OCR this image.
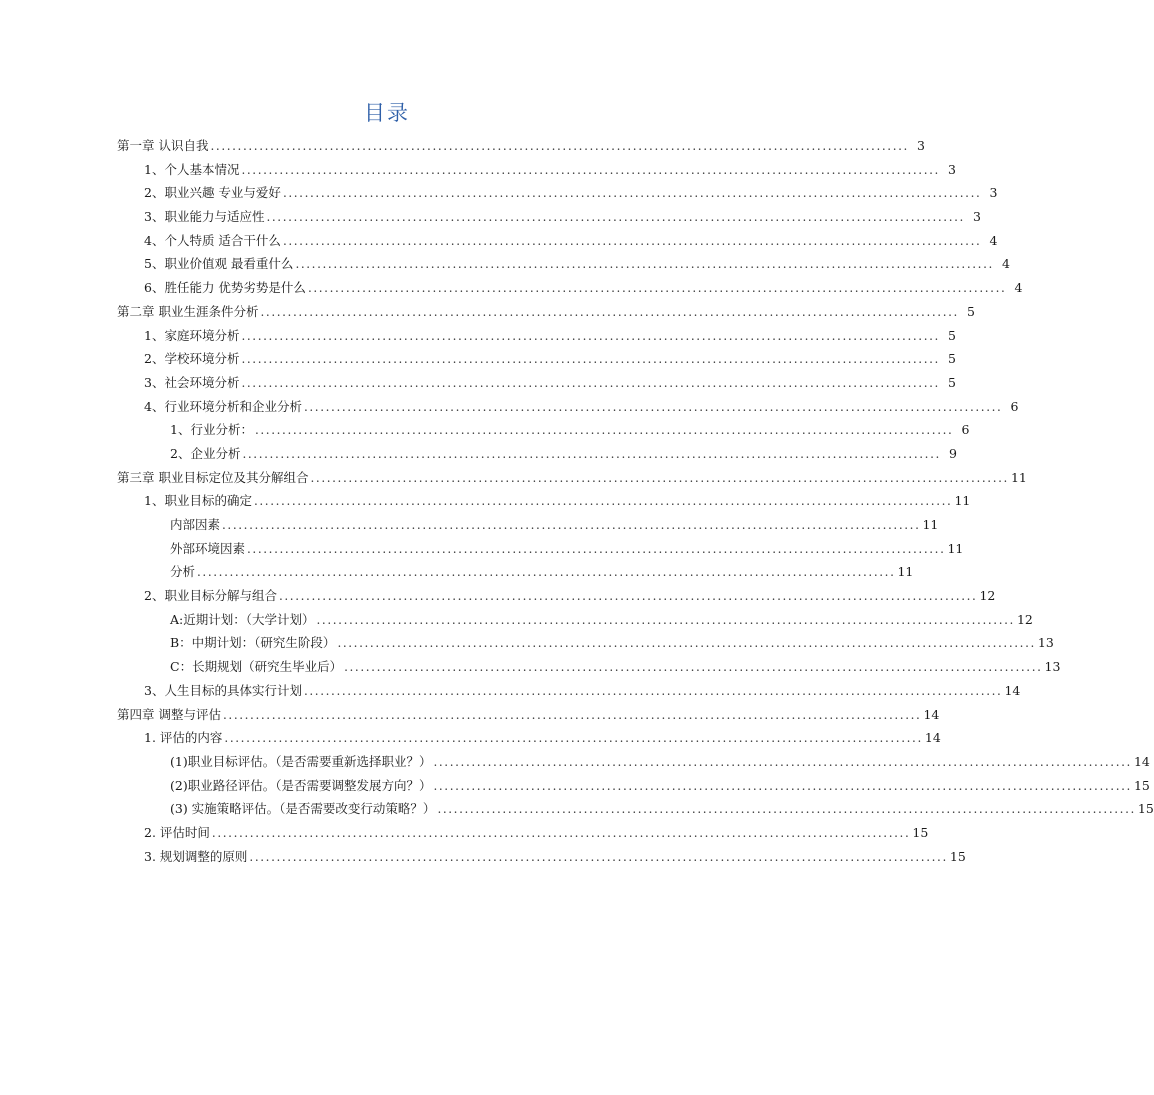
目录
第一章 认识自我 ................................................................................................................................. 3
1、个人基本情况 ................................................................................................................................. 3
2、职业兴趣 专业与爱好 ................................................................................................................................. 3
3、职业能力与适应性 ................................................................................................................................. 3
4、个人特质 适合干什么 ................................................................................................................................. 4
5、职业价值观 最看重什么 ................................................................................................................................. 4
6、胜任能力 优势劣势是什么 ................................................................................................................................. 4
第二章 职业生涯条件分析 ................................................................................................................................. 5
1、家庭环境分析 ................................................................................................................................. 5
2、学校环境分析 ................................................................................................................................. 5
3、社会环境分析 ................................................................................................................................. 5
4、行业环境分析和企业分析 ................................................................................................................................. 6
1、行业分析： ................................................................................................................................. 6
2、企业分析 ................................................................................................................................. 9
第三章 职业目标定位及其分解组合 ................................................................................................................................. 11
1、职业目标的确定 ................................................................................................................................. 11
内部因素 ................................................................................................................................. 11
外部环境因素 ................................................................................................................................. 11
分析 ................................................................................................................................. 11
2、职业目标分解与组合 ................................................................................................................................. 12
A:近期计划：（大学计划） ................................................................................................................................. 12
B：中期计划：（研究生阶段） ................................................................................................................................. 13
C：长期规划（研究生毕业后） ................................................................................................................................. 13
3、人生目标的具体实行计划 ................................................................................................................................. 14
第四章 调整与评估 ................................................................................................................................. 14
1. 评估的内容 ................................................................................................................................. 14
(1)职业目标评估。（是否需要重新选择职业？） ................................................................................................................................. 14
(2)职业路径评估。（是否需要调整发展方向？） ................................................................................................................................. 15
(3) 实施策略评估。（是否需要改变行动策略？） ................................................................................................................................. 15
2. 评估时间 ................................................................................................................................. 15
3. 规划调整的原则 ................................................................................................................................. 15
